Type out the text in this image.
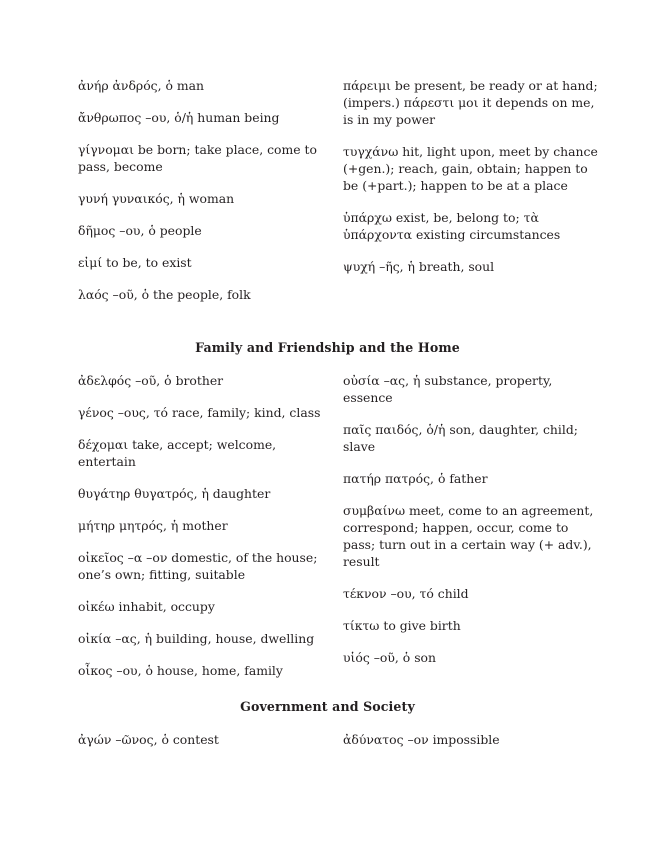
ἀνήρ ἀνδρός, ὁ man

ἄνθρωπος –ου, ὁ/ἡ human being

γίγνομαι be born; take place, come to pass, become

γυνή γυναικός, ἡ woman

δῆμος –ου, ὁ people

εἰμί to be, to exist

λαός –οῦ, ὁ the people, folk

πάρειμι be present, be ready or at hand; (impers.) πάρεστι μοι it depends on me, is in my power

τυγχάνω hit, light upon, meet by chance (+gen.); reach, gain, obtain; happen to be (+part.); happen to be at a place

ὑπάρχω exist, be, belong to; τὰ ὑπάρχοντα existing circumstances

ψυχή –ῆς, ἡ breath, soul

Family and Friendship and the Home

ἀδελφός –οῦ, ὁ brother

γένος –ους, τό race, family; kind, class

δέχομαι take, accept; welcome, entertain

θυγάτηρ θυγατρός, ἡ daughter

μήτηρ μητρός, ἡ mother

οἰκεῖος –α –ον domestic, of the house; one’s own; fitting, suitable

οἰκέω inhabit, occupy

οἰκία –ας, ἡ building, house, dwelling

οἶκος –ου, ὁ house, home, family

οὐσία –ας, ἡ substance, property, essence

παῖς παιδός, ὁ/ἡ son, daughter, child; slave

πατήρ πατρός, ὁ father

συμβαίνω meet, come to an agreement, correspond; happen, occur, come to pass; turn out in a certain way (+ adv.), result

τέκνον –ου, τό child

τίκτω to give birth

υἱός –οῦ, ὁ son

Government and Society

ἀγών –ῶνος, ὁ contest	ἀδύνατος –ον impossible
